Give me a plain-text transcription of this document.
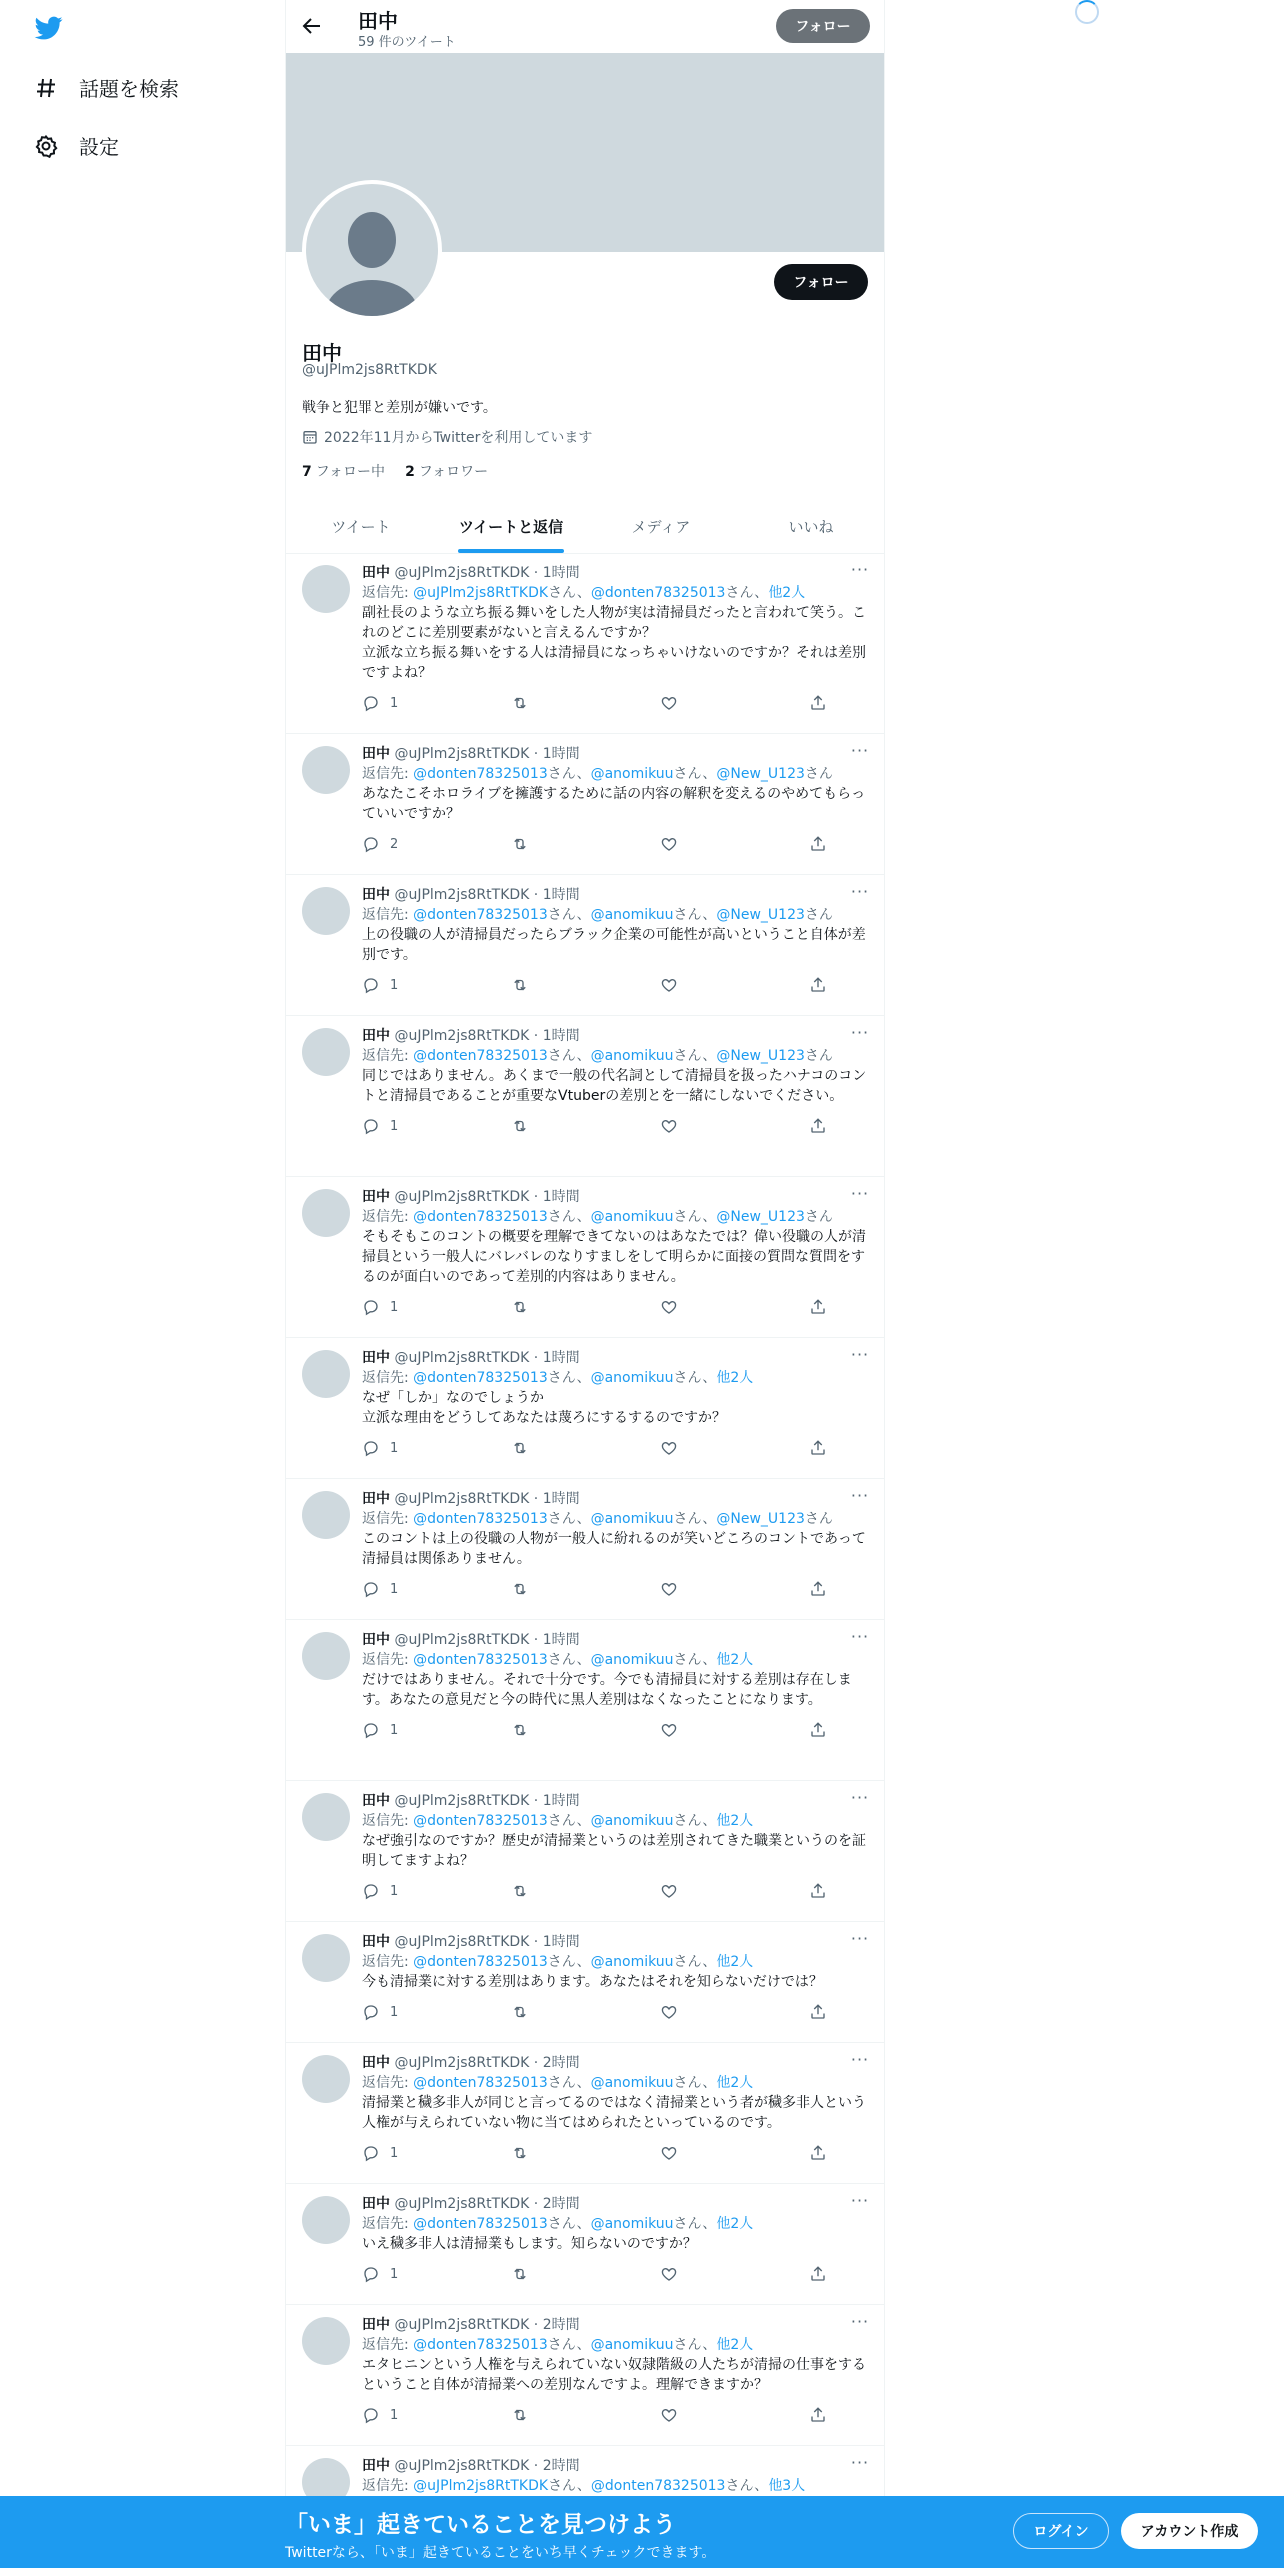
話題を検索
設定
田中
59 件のツイート
フォロー
フォロー
田中
@uJPlm2js8RtTKDK
戦争と犯罪と差別が嫌いです。
2022年11月からTwitterを利用しています
7 フォロー中 2 フォロワー
ツイート	ツイートと返信	メディア	いいね
···
田中 @uJPlm2js8RtTKDK · 1時間
返信先: @uJPlm2js8RtTKDKさん、@donten78325013さん、他2人
副社長のような立ち振る舞いをした人物が実は清掃員だったと言われて笑う。これのどこに差別要素がないと言えるんですか？
立派な立ち振る舞いをする人は清掃員になっちゃいけないのですか？それは差別ですよね？
1
···
田中 @uJPlm2js8RtTKDK · 1時間
返信先: @donten78325013さん、@anomikuuさん、@New_U123さん
あなたこそホロライブを擁護するために話の内容の解釈を変えるのやめてもらっていいですか？
2
···
田中 @uJPlm2js8RtTKDK · 1時間
返信先: @donten78325013さん、@anomikuuさん、@New_U123さん
上の役職の人が清掃員だったらブラック企業の可能性が高いということ自体が差別です。
1
···
田中 @uJPlm2js8RtTKDK · 1時間
返信先: @donten78325013さん、@anomikuuさん、@New_U123さん
同じではありません。あくまで一般の代名詞として清掃員を扱ったハナコのコントと清掃員であることが重要なVtuberの差別とを一緒にしないでください。
1
···
田中 @uJPlm2js8RtTKDK · 1時間
返信先: @donten78325013さん、@anomikuuさん、@New_U123さん
そもそもこのコントの概要を理解できてないのはあなたでは？偉い役職の人が清掃員という一般人にバレバレのなりすましをして明らかに面接の質問な質問をするのが面白いのであって差別的内容はありません。
1
···
田中 @uJPlm2js8RtTKDK · 1時間
返信先: @donten78325013さん、@anomikuuさん、他2人
なぜ「しか」なのでしょうか
立派な理由をどうしてあなたは蔑ろにするするのですか？
1
···
田中 @uJPlm2js8RtTKDK · 1時間
返信先: @donten78325013さん、@anomikuuさん、@New_U123さん
このコントは上の役職の人物が一般人に紛れるのが笑いどころのコントであって清掃員は関係ありません。
1
···
田中 @uJPlm2js8RtTKDK · 1時間
返信先: @donten78325013さん、@anomikuuさん、他2人
だけではありません。それで十分です。今でも清掃員に対する差別は存在します。あなたの意見だと今の時代に黒人差別はなくなったことになります。
1
···
田中 @uJPlm2js8RtTKDK · 1時間
返信先: @donten78325013さん、@anomikuuさん、他2人
なぜ強引なのですか？歴史が清掃業というのは差別されてきた職業というのを証明してますよね？
1
···
田中 @uJPlm2js8RtTKDK · 1時間
返信先: @donten78325013さん、@anomikuuさん、他2人
今も清掃業に対する差別はあります。あなたはそれを知らないだけでは？
1
···
田中 @uJPlm2js8RtTKDK · 2時間
返信先: @donten78325013さん、@anomikuuさん、他2人
清掃業と穢多非人が同じと言ってるのではなく清掃業という者が穢多非人という人権が与えられていない物に当てはめられたといっているのです。
1
···
田中 @uJPlm2js8RtTKDK · 2時間
返信先: @donten78325013さん、@anomikuuさん、他2人
いえ穢多非人は清掃業もします。知らないのですか？
1
···
田中 @uJPlm2js8RtTKDK · 2時間
返信先: @donten78325013さん、@anomikuuさん、他2人
エタヒニンという人権を与えられていない奴隷階級の人たちが清掃の仕事をするということ自体が清掃業への差別なんですよ。理解できますか？
1
···
田中 @uJPlm2js8RtTKDK · 2時間
返信先: @uJPlm2js8RtTKDKさん、@donten78325013さん、他3人
「いま」起きていることを見つけよう
Twitterなら、「いま」起きていることをいち早くチェックできます。
ログイン	アカウント作成
